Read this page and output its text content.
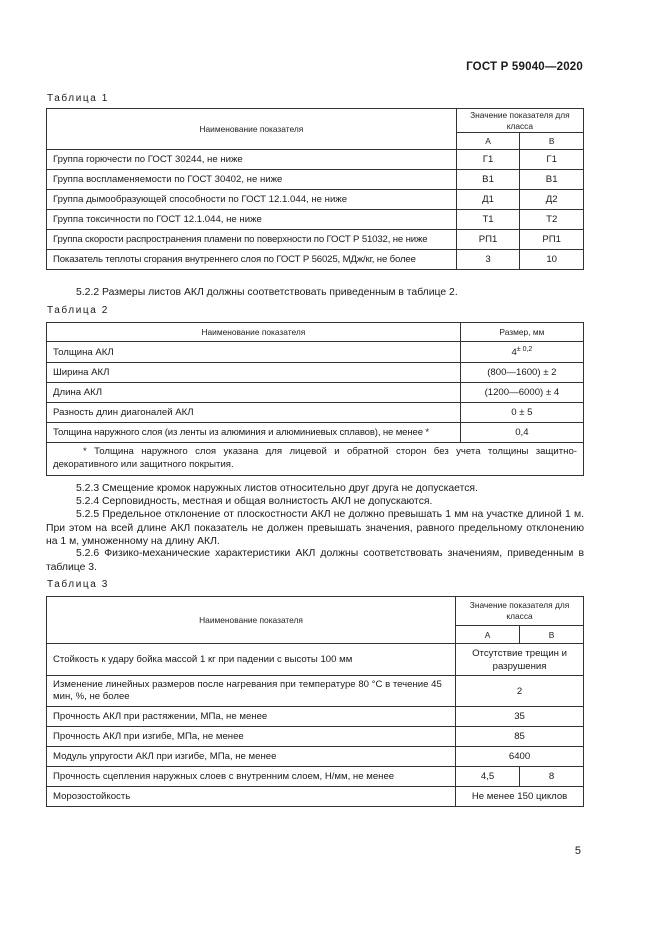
ГОСТ Р 59040—2020
Таблица 1
Наименование показателя	Значение показателя для класса	
	А	В
Группа горючести по ГОСТ 30244, не ниже	Г1	Г1
Группа воспламеняемости по ГОСТ 30402, не ниже	В1	В1
Группа дымообразующей способности по ГОСТ 12.1.044, не ниже	Д1	Д2
Группа токсичности по ГОСТ 12.1.044, не ниже	Т1	Т2
Группа скорости распространения пламени по поверхности по ГОСТ Р 51032, не ниже	РП1	РП1
Показатель теплоты сгорания внутреннего слоя по ГОСТ Р 56025, МДж/кг, не более	3	10
5.2.2 Размеры листов АКЛ должны соответствовать приведенным в таблице 2.
Таблица 2
Наименование показателя	Размер, мм
Толщина АКЛ	$4^{\pm 0,2}$
Ширина АКЛ	(800—1600) ± 2
Длина АКЛ	(1200—6000) ± 4
Разность длин диагоналей АКЛ	0 ± 5
Толщина наружного слоя (из ленты из алюминия и алюминиевых сплавов), не менее *	0,4

* Толщина наружного слоя указана для лицевой и обратной сторон без учета толщины защитно-декоративного или защитного покрытия.	
5.2.3 Смещение кромок наружных листов относительно друг друга не допускается.
5.2.4 Серповидность, местная и общая волнистость АКЛ не допускаются.
5.2.5 Предельное отклонение от плоскостности АКЛ не должно превышать 1 мм на участке длиной 1 м. При этом на всей длине АКЛ показатель не должен превышать значения, равного предельному отклонению на 1 м, умноженному на длину АКЛ.
5.2.6 Физико-механические характеристики АКЛ должны соответствовать значениям, приведенным в таблице 3.
Таблица 3
Наименование показателя	Значение показателя для класса	
	А	В
Стойкость к удару бойка массой 1 кг при падении с высоты 100 мм	Отсутствие трещин и разрушения	
Изменение линейных размеров после нагревания при температуре 80 °С в течение 45 мин, %, не более	2	
Прочность АКЛ при растяжении, МПа, не менее	35	
Прочность АКЛ при изгибе, МПа, не менее	85	
Модуль упругости АКЛ при изгибе, МПа, не менее	6400	
Прочность сцепления наружных слоев с внутренним слоем, Н/мм, не менее	4,5	8
Морозостойкость	Не менее 150 циклов	
5
